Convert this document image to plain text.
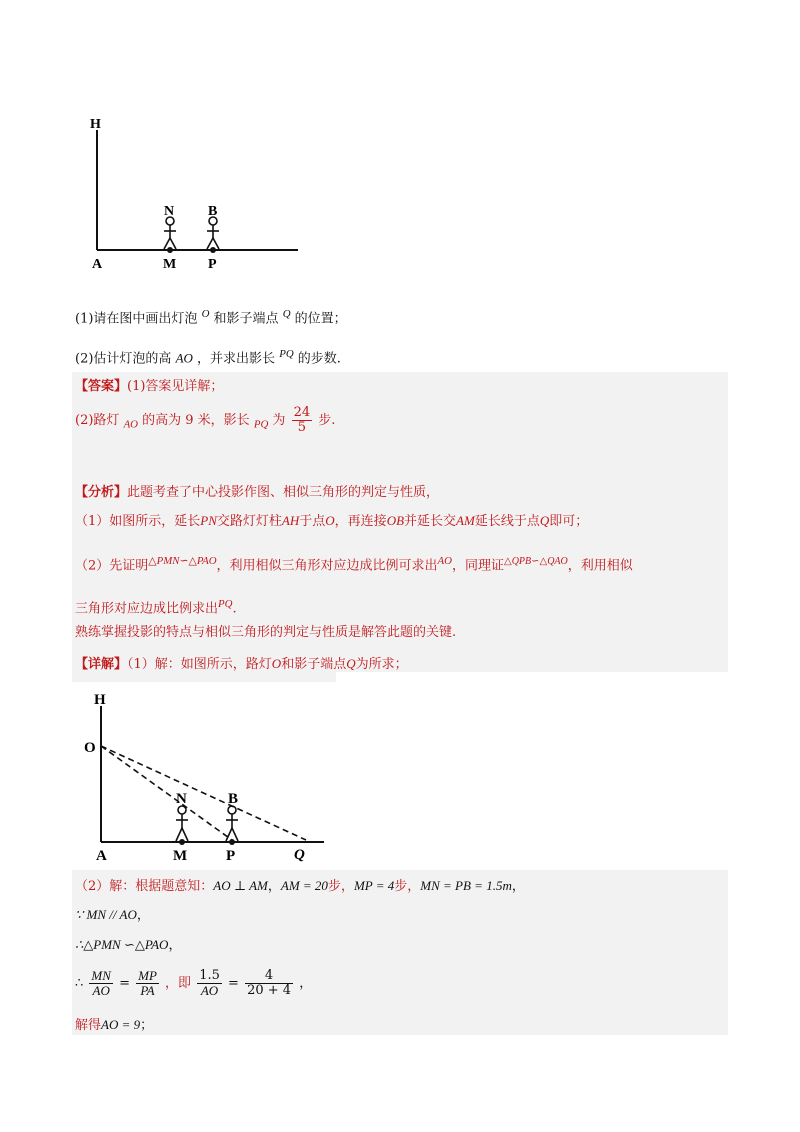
H
N B
A	M P
(1)请在图中画出灯泡 $^O$ 和影子端点 $^Q$ 的位置；
(2)估计灯泡的高 AO ，并求出影长 $^{PQ}$ 的步数.
【答案】(1)答案见详解；
(2)路灯 $_{AO}$ 的高为 9 米，影长 $_{PQ}$ 为 $\frac{24}{5}$ 步.
【分析】此题考查了中心投影作图、相似三角形的判定与性质，
（1）如图所示，延长PN交路灯灯柱AH于点O，再连接OB并延长交AM延长线于点Q即可；
（2）先证明$^{\triangle PMN∽\triangle PAO}$，利用相似三角形对应边成比例可求出$^{AO}$，同理证$^{\triangle QPB∽\triangle QAO}$，利用相似
三角形对应边成比例求出$^{PQ}$.
熟练掌握投影的特点与相似三角形的判定与性质是解答此题的关键.
【详解】（1）解：如图所示，路灯O和影子端点Q为所求；
H
O
N	B
A	M	P	Q
（2）解：根据题意知：AO ⊥ AM，AM = 20步，MP = 4步，MN = PB = 1.5m，
∵ MN // AO，
∴△PMN ∽△PAO，
∴ $\frac{MN}{AO} = \frac{MP}{PA}$ ，即 $\frac{1.5}{AO} = \frac{4}{20 + 4}$ ，
解得AO = 9；
